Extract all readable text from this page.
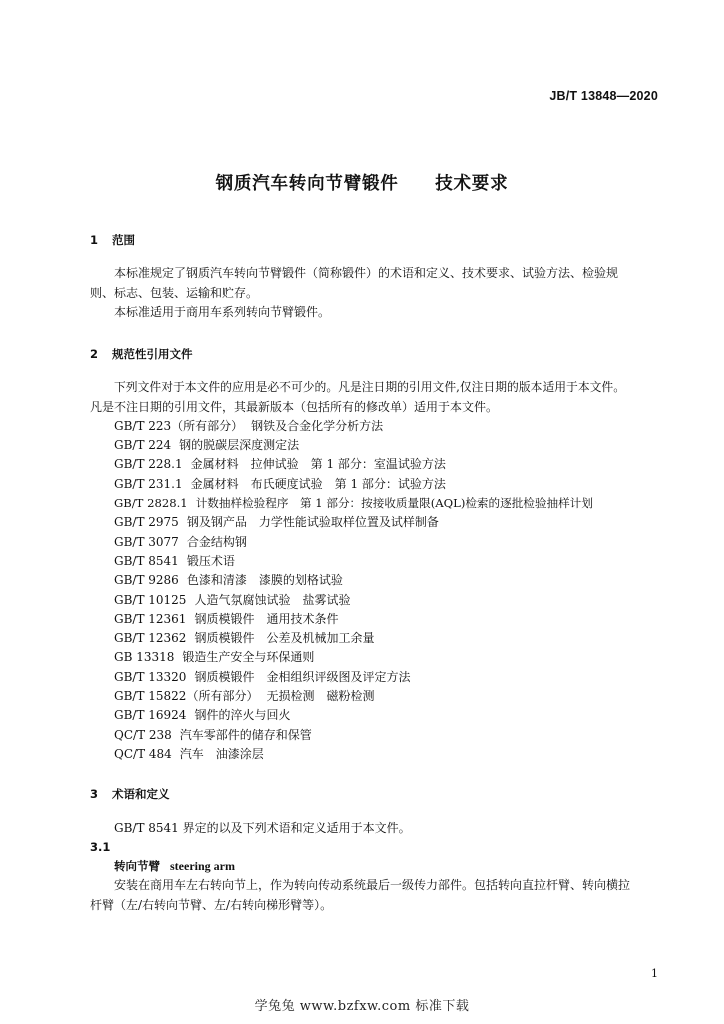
JB/T 13848—2020
钢质汽车转向节臂锻件　　技术要求
1 范围
本标准规定了钢质汽车转向节臂锻件（简称锻件）的术语和定义、技术要求、试验方法、检验规
则、标志、包装、运输和贮存。
本标准适用于商用车系列转向节臂锻件。
2 规范性引用文件
下列文件对于本文件的应用是必不可少的。凡是注日期的引用文件,仅注日期的版本适用于本文件。
凡是不注日期的引用文件，其最新版本（包括所有的修改单）适用于本文件。
GB/T 223（所有部分） 钢铁及合金化学分析方法
GB/T 224 钢的脱碳层深度测定法
GB/T 228.1 金属材料　拉伸试验　第 1 部分：室温试验方法
GB/T 231.1 金属材料　布氏硬度试验　第 1 部分：试验方法
GB/T 2828.1 计数抽样检验程序　第 1 部分：按接收质量限(AQL)检索的逐批检验抽样计划
GB/T 2975 钢及钢产品　力学性能试验取样位置及试样制备
GB/T 3077 合金结构钢
GB/T 8541 锻压术语
GB/T 9286 色漆和清漆　漆膜的划格试验
GB/T 10125 人造气氛腐蚀试验　盐雾试验
GB/T 12361 钢质模锻件　通用技术条件
GB/T 12362 钢质模锻件　公差及机械加工余量
GB 13318 锻造生产安全与环保通则
GB/T 13320 钢质模锻件　金相组织评级图及评定方法
GB/T 15822（所有部分） 无损检测　磁粉检测
GB/T 16924 钢件的淬火与回火
QC/T 238 汽车零部件的储存和保管
QC/T 484 汽车　油漆涂层
3 术语和定义
GB/T 8541 界定的以及下列术语和定义适用于本文件。
3.1
转向节臂 steering arm
安装在商用车左右转向节上，作为转向传动系统最后一级传力部件。包括转向直拉杆臂、转向横拉
杆臂（左/右转向节臂、左/右转向梯形臂等）。
1
学兔兔 www.bzfxw.com 标准下载
